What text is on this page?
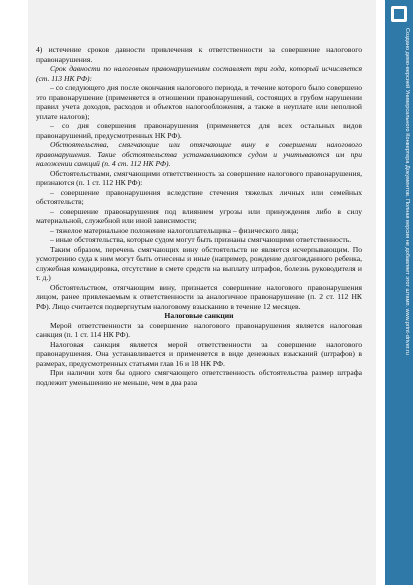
4) истечение сроков давности привлечения к ответственности за совершение налогового правонарушения.

Срок давности по налоговым правонарушениям составляет три года, который исчисляется (ст. 113 НК РФ):

– со следующего дня после окончания налогового периода, в течение которого было совершено это правонарушение (применяется в отношении правонарушений, состоящих в грубом нарушении правил учета доходов, расходов и объектов налогообложения, а также в неуплате или неполной уплате налогов);

– со дня совершения правонарушения (применяется для всех остальных видов правонарушений, предусмотренных НК РФ).

Обстоятельства, смягчающие или отягчающие вину в совершении налогового правонарушения. Такие обстоятельства устанавливаются судом и учитываются им при наложении санкций (п. 4 ст. 112 НК РФ).

Обстоятельствами, смягчающими ответственность за совершение налогового правонарушения, признаются (п. 1 ст. 112 НК РФ):

– совершение правонарушения вследствие стечения тяжелых личных или семейных обстоятельств;

– совершение правонарушения под влиянием угрозы или принуждения либо в силу материальной, служебной или иной зависимости;

– тяжелое материальное положение налогоплательщика – физического лица;

– иные обстоятельства, которые судом могут быть признаны смягчающими ответственность.

Таким образом, перечень смягчающих вину обстоятельств не является исчерпывающим. По усмотрению суда к ним могут быть отнесены и иные (например, рождение долгожданного ребенка, служебная командировка, отсутствие в смете средств на выплату штрафов, болезнь руководителя и т. д.)

Обстоятельством, отягчающим вину, признается совершение налогового правонарушения лицом, ранее привлекаемым к ответственности за аналогичное правонарушение (п. 2 ст. 112 НК РФ). Лицо считается подвергнутым налоговому взысканию в течение 12 месяцев.

Налоговые санкции

Мерой ответственности за совершение налогового правонарушения является налоговая санкция (п. 1 ст. 114 НК РФ).

Налоговая санкция является мерой ответственности за совершение налогового правонарушения. Она устанавливается и применяется в виде денежных взысканий (штрафов) в размерах, предусмотренных статьями глав 16 и 18 НК РФ.

При наличии хотя бы одного смягчающего ответственность обстоятельства размер штрафа подлежит уменьшению не меньше, чем в два раза

Создано демо-версией Универсального Конвертера Документов. Полная версия не добавляет этот штамп. www.print-driver.ru
